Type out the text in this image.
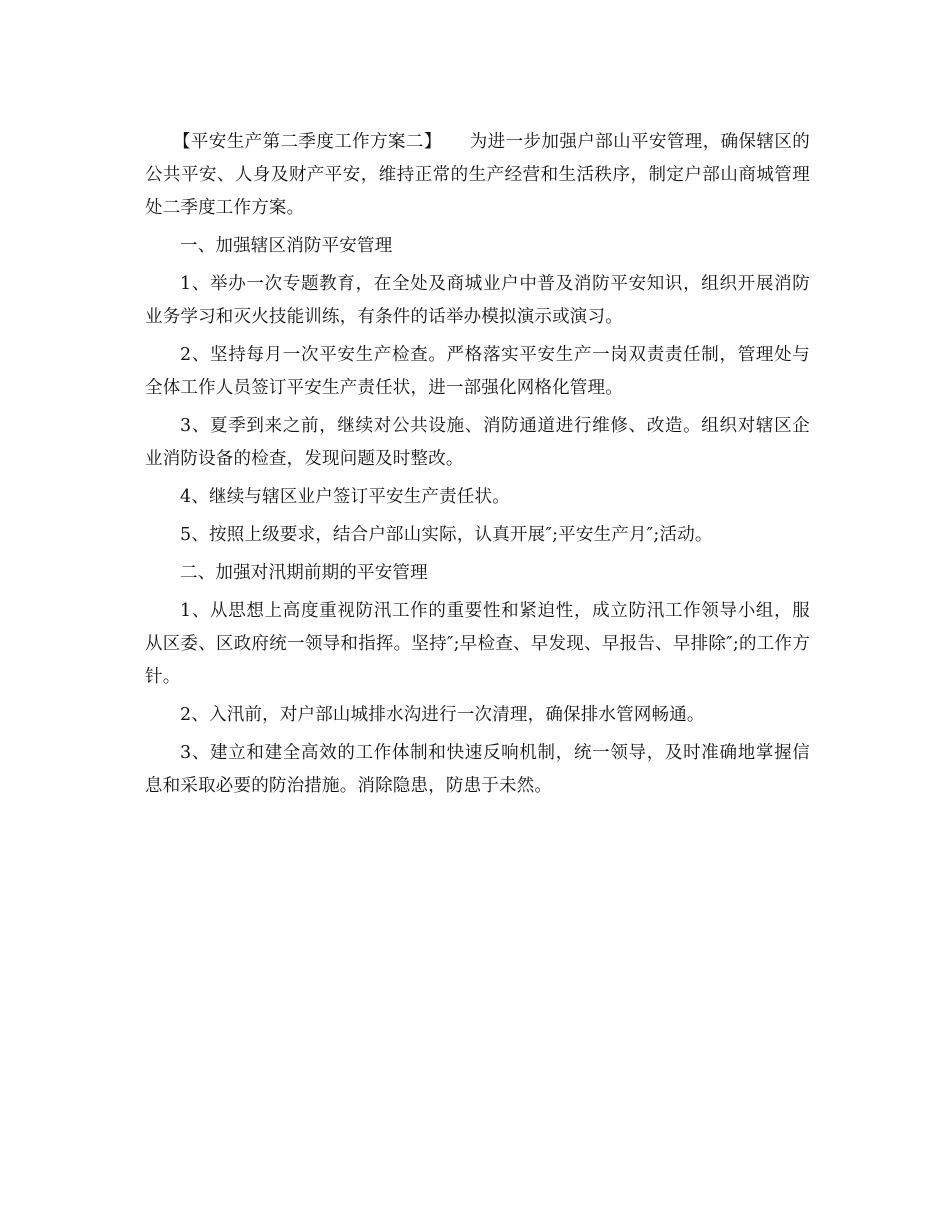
【平安生产第二季度工作方案二】 为进一步加强户部山平安管理，确保辖区的公共平安、人身及财产平安，维持正常的生产经营和生活秩序，制定户部山商城管理处二季度工作方案。

一、加强辖区消防平安管理

1、举办一次专题教育，在全处及商城业户中普及消防平安知识，组织开展消防业务学习和灭火技能训练，有条件的话举办模拟演示或演习。

2、坚持每月一次平安生产检查。严格落实平安生产一岗双责责任制，管理处与全体工作人员签订平安生产责任状，进一部强化网格化管理。

3、夏季到来之前，继续对公共设施、消防通道进行维修、改造。组织对辖区企业消防设备的检查，发现问题及时整改。

4、继续与辖区业户签订平安生产责任状。

5、按照上级要求，结合户部山实际，认真开展″;平安生产月″;活动。

二、加强对汛期前期的平安管理

1、从思想上高度重视防汛工作的重要性和紧迫性，成立防汛工作领导小组，服从区委、区政府统一领导和指挥。坚持″;早检查、早发现、早报告、早排除″;的工作方针。

2、入汛前，对户部山城排水沟进行一次清理，确保排水管网畅通。

3、建立和建全高效的工作体制和快速反响机制，统一领导，及时准确地掌握信息和采取必要的防治措施。消除隐患，防患于未然。
